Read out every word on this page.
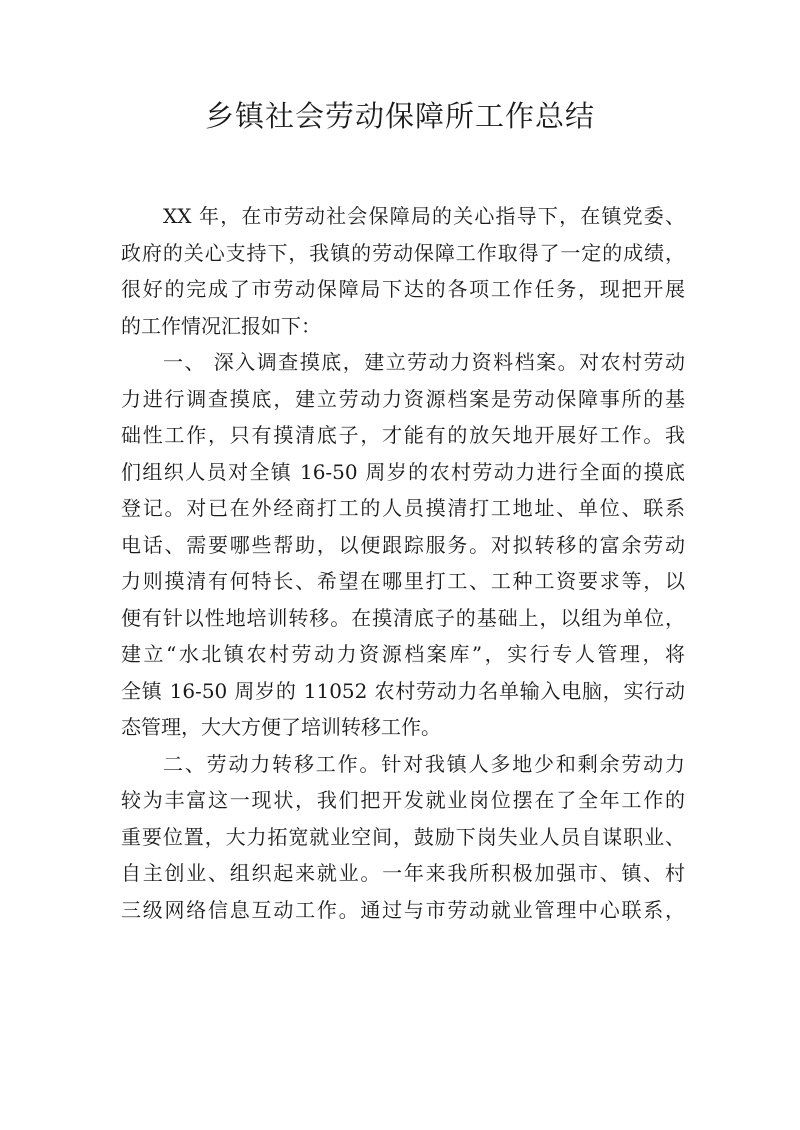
乡镇社会劳动保障所工作总结
XX 年，在市劳动社会保障局的关心指导下，在镇党委、
政府的关心支持下，我镇的劳动保障工作取得了一定的成绩，
很好的完成了市劳动保障局下达的各项工作任务，现把开展
的工作情况汇报如下：
一、 深入调查摸底，建立劳动力资料档案。对农村劳动
力进行调查摸底，建立劳动力资源档案是劳动保障事所的基
础性工作，只有摸清底子，才能有的放矢地开展好工作。我
们组织人员对全镇 16-50 周岁的农村劳动力进行全面的摸底
登记。对已在外经商打工的人员摸清打工地址、单位、联系
电话、需要哪些帮助，以便跟踪服务。对拟转移的富余劳动
力则摸清有何特长、希望在哪里打工、工种工资要求等，以
便有针以性地培训转移。在摸清底子的基础上，以组为单位，
建立“水北镇农村劳动力资源档案库”，实行专人管理，将
全镇 16-50 周岁的 11052 农村劳动力名单输入电脑，实行动
态管理，大大方便了培训转移工作。
二、劳动力转移工作。针对我镇人多地少和剩余劳动力
较为丰富这一现状，我们把开发就业岗位摆在了全年工作的
重要位置，大力拓宽就业空间，鼓励下岗失业人员自谋职业、
自主创业、组织起来就业。一年来我所积极加强市、镇、村
三级网络信息互动工作。通过与市劳动就业管理中心联系，
